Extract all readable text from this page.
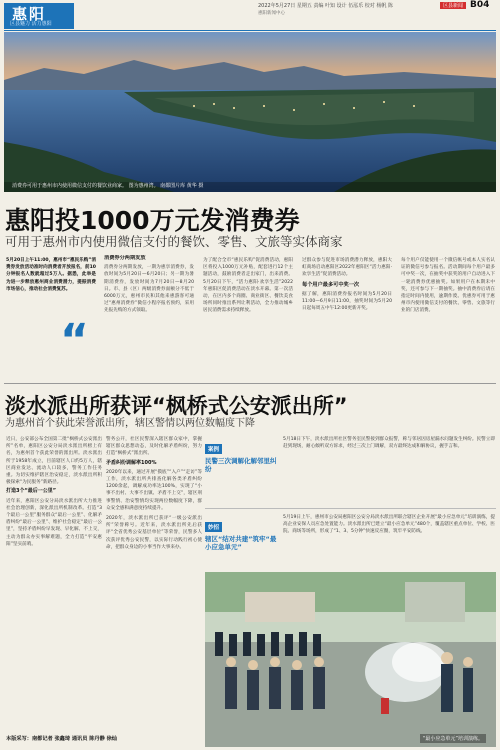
惠阳
区县魅力 活力惠阳
2022年5月27日 星期五 责编 叶知 设计 伍泓乐 校对 杨帆 陈
惠阳新闻中心
区县新闻 B04
消费券可用于惠州市内使用微信支付的餐饮业商家。 图为惠州湾。 南都图片库 黄华 摄
惠阳投1000万元发消费券
可用于惠州市内使用微信支付的餐饮、零售、文旅等实体商家
5月20日上午11:00，惠州市“惠民乐购”消费券发放活动准时向消费者开放报名，前10分钟报名人数就超过5万人。据悉，此举是为进一步释放惠州商业消费潜力，提振消费市场信心，推动社会消费复苏。
“
消费券分两期发放
消费券分两期发放，一期为惠享消费券，发放时间为5月20日—6月20日；另一期为暑期消费券，发放时间为7月20日—8月20日。市、县（区）两级消费券面额分不低于6000万元，惠州市民和其他来惠游客可通过“惠州消费券”微信小程序报名预约，采用先报先购的方式领取。
为了配合全市“惠民乐购”促消费活动，惠阳区将投入1000万元补贴，配套进行12个主题活动，鼓励消费者走出家门，出来消费。5月20日下午，“活力惠阳·欢享生活”2022年惠阳区促消费活动在淡水开幕。第一次活动，在区内多个商圈、商业街区、餐饮美食场所同时推出系列让利活动，全力推动城乡居民消费需求持续释放。
过群众参与促进市场消费潜力释放，惠阳大虹商场启动惠阳区2022年惠阳区“活力惠阳·欢享生活”促消费活动。
每个用户最多可中奖一次
据了解，惠阳消费券报名时间为5月20日11:00—6月9日11:00，抽奖时间为5月20日起每周五中午12:00更新开奖。
每个用户仅能使用一个微信帐号或本人实名认证的微信号参与报名。活动期间每个用户最多可中奖一次，在抽奖中获奖的用户自动进入下一轮消费券优惠抽奖。如果用户在本期未中奖，还可参与下一期抽奖。抽中消费券后请在指定时间内使用，逾期作废。优惠券可用于惠州市内使用微信支付的餐饮、零售、文旅等行业的门店消费。
淡水派出所获评“枫桥式公安派出所”
为惠州首个获此荣誉派出所，辖区警情以两位数幅度下降
近日，公安部公布全国第二批“枫桥式公安派出所”名单，惠阳区公安分局淡水派出所榜上有名，为惠州首个获此荣誉的派出所。淡水派出所于1958年成立，目前辖区人口约5万人，辖区商业发达、流动人口较多，警务工作任务重。为切实维护辖区治安稳定，淡水派出所积极探索“为民服务”新路径。
打造3个“最后一公里”
近年来，惠阳区公安分局淡水派出所大力推进社会治理创新，深化派出所机制改革。打造“3个最后一公里”服务群众“最后一公里”、化解矛盾纠纷“最后一公里”、维护社会稳定“最后一公里”，坚持矛盾纠纷早发现、早化解、不上交，主动为群众办实事解难题，全力打造“平安惠阳”坚实前哨。
警务公开，社区民警深入辖区群众家中，掌握辖区群众思想动态，及时化解矛盾纠纷，努力打造“枫桥式”派出所。
矛盾纠纷调解率100%
2020年以来，通过开展“摸底”“入户”“走访”等工作，淡水派出所共排查化解各类矛盾纠纷1200余起，调解成功率达100%，实现了“小事不出村、大事不出镇、矛盾不上交”，辖区刑事警情、治安警情均实现两位数幅度下降，群众安全感和满意度持续提升。
2020年，淡水派出所已获评“一级公安派出所”荣誉称号。近年来，淡水派出所先后获评“全省优秀公安基层单位”等荣誉，民警多人次获评优秀公安民警，以实际行动践行初心使命，把群众身边的小事当作大事来办。
案例
民警三次调解化解邻里纠纷
5月18日下午，淡水派出所社区警务室民警接到群众报警，称与邻居因房屋漏水问题发生纠纷。民警立即赶到现场，耐心倾听双方诉求，经过三次上门调解，双方最终达成和解协议，握手言和。
妙招
辖区“结对共建”筑牢“最小应急单元”
5月19日上午，惠州市公安局惠阳区公安分局淡水派出所联合辖区企业开展“最小应急单元”培训演练，提高企业安保人员应急处置能力。淡水派出所已建立“最小应急单元”480个，覆盖辖区重点单位、学校、医院、商场等场所，形成了“1、3、5分钟”快速反应圈，筑牢平安防线。
“最小应急单元”培训演练。
本版采写：南都记者 张鑫琦 通讯员 陈丹静 徐灿
